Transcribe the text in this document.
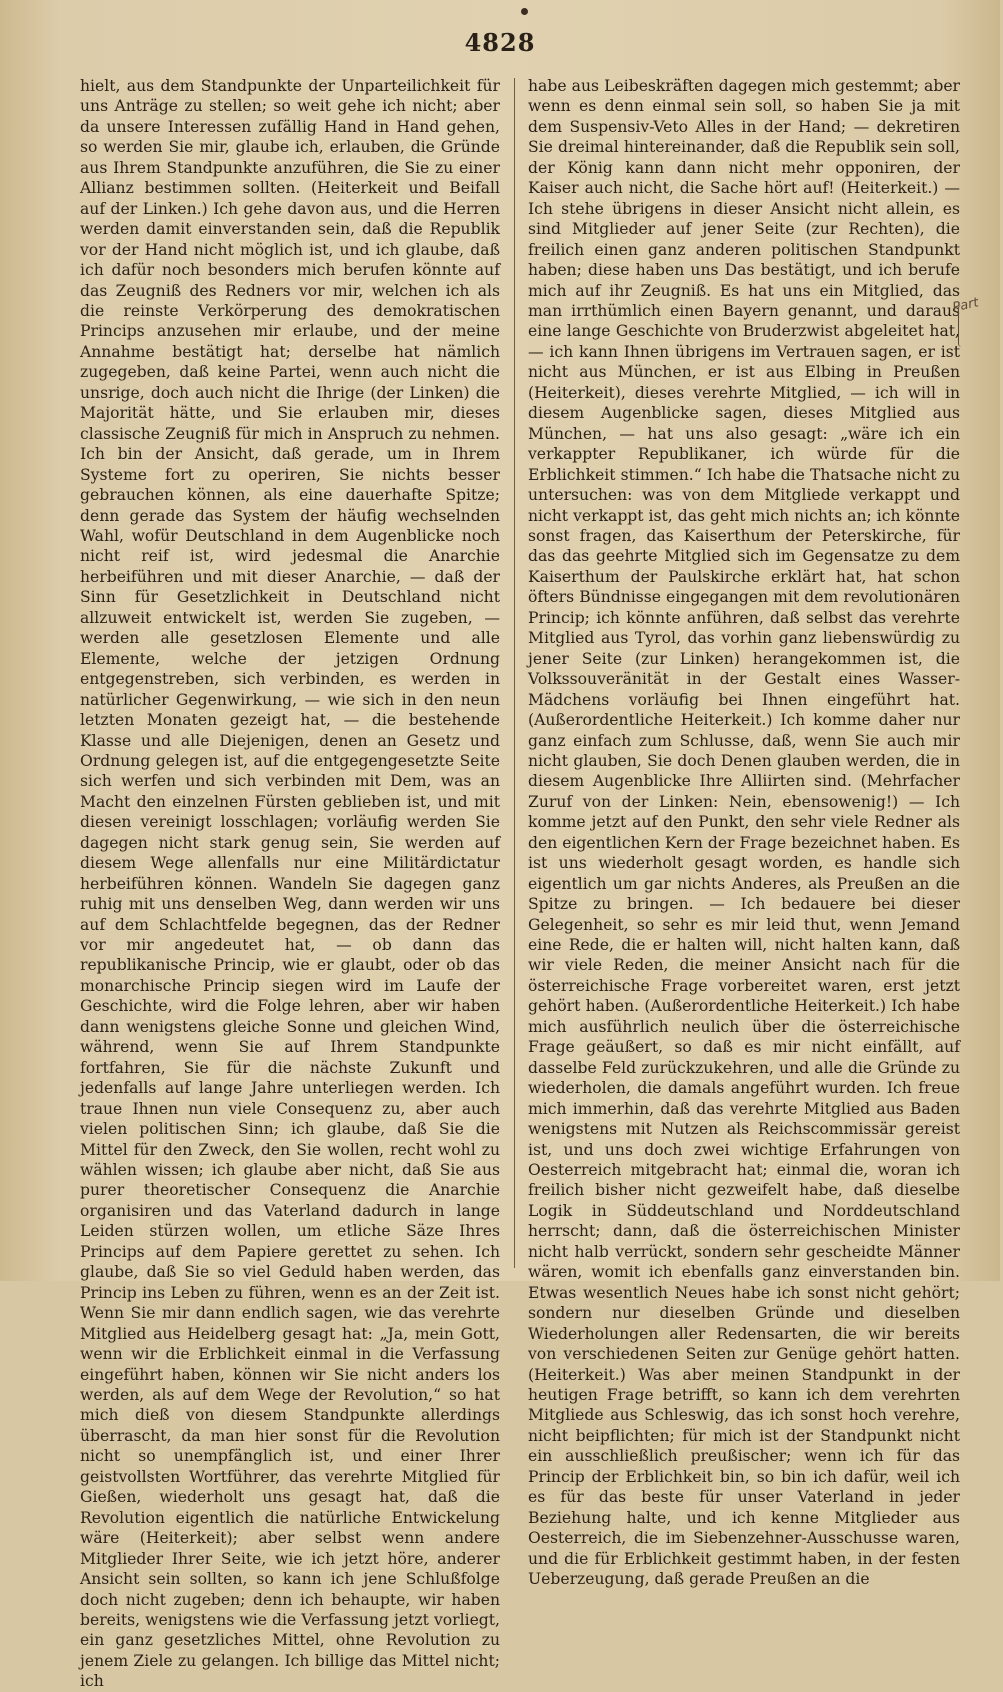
4828

hielt, aus dem Standpunkte der Unparteilichkeit für uns Anträge zu stellen; so weit gehe ich nicht; aber da unsere Interessen zufällig Hand in Hand gehen, so werden Sie mir, glaube ich, erlauben, die Gründe aus Ihrem Standpunkte anzuführen, die Sie zu einer Allianz bestimmen sollten. (Heiterkeit und Beifall auf der Linken.) Ich gehe davon aus, und die Herren werden damit einverstanden sein, daß die Republik vor der Hand nicht möglich ist, und ich glaube, daß ich dafür noch besonders mich berufen könnte auf das Zeugniß des Redners vor mir, welchen ich als die reinste Verkörperung des demokratischen Princips anzusehen mir erlaube, und der meine Annahme bestätigt hat; derselbe hat nämlich zugegeben, daß keine Partei, wenn auch nicht die unsrige, doch auch nicht die Ihrige (der Linken) die Majorität hätte, und Sie erlauben mir, dieses classische Zeugniß für mich in Anspruch zu nehmen. Ich bin der Ansicht, daß gerade, um in Ihrem Systeme fort zu operiren, Sie nichts besser gebrauchen können, als eine dauerhafte Spitze; denn gerade das System der häufig wechselnden Wahl, wofür Deutschland in dem Augenblicke noch nicht reif ist, wird jedesmal die Anarchie herbeiführen und mit dieser Anarchie, — daß der Sinn für Gesetzlichkeit in Deutschland nicht allzuweit entwickelt ist, werden Sie zugeben, — werden alle gesetzlosen Elemente und alle Elemente, welche der jetzigen Ordnung entgegenstreben, sich verbinden, es werden in natürlicher Gegenwirkung, — wie sich in den neun letzten Monaten gezeigt hat, — die bestehende Klasse und alle Diejenigen, denen an Gesetz und Ordnung gelegen ist, auf die entgegengesetzte Seite sich werfen und sich verbinden mit Dem, was an Macht den einzelnen Fürsten geblieben ist, und mit diesen vereinigt losschlagen; vorläufig werden Sie dagegen nicht stark genug sein, Sie werden auf diesem Wege allenfalls nur eine Militärdictatur herbeiführen können. Wandeln Sie dagegen ganz ruhig mit uns denselben Weg, dann werden wir uns auf dem Schlachtfelde begegnen, das der Redner vor mir angedeutet hat, — ob dann das republikanische Princip, wie er glaubt, oder ob das monarchische Princip siegen wird im Laufe der Geschichte, wird die Folge lehren, aber wir haben dann wenigstens gleiche Sonne und gleichen Wind, während, wenn Sie auf Ihrem Standpunkte fortfahren, Sie für die nächste Zukunft und jedenfalls auf lange Jahre unterliegen werden. Ich traue Ihnen nun viele Consequenz zu, aber auch vielen politischen Sinn; ich glaube, daß Sie die Mittel für den Zweck, den Sie wollen, recht wohl zu wählen wissen; ich glaube aber nicht, daß Sie aus purer theoretischer Consequenz die Anarchie organisiren und das Vaterland dadurch in lange Leiden stürzen wollen, um etliche Säze Ihres Princips auf dem Papiere gerettet zu sehen. Ich glaube, daß Sie so viel Geduld haben werden, das Princip ins Leben zu führen, wenn es an der Zeit ist. Wenn Sie mir dann endlich sagen, wie das verehrte Mitglied aus Heidelberg gesagt hat: „Ja, mein Gott, wenn wir die Erblichkeit einmal in die Verfassung eingeführt haben, können wir Sie nicht anders los werden, als auf dem Wege der Revolution,“ so hat mich dieß von diesem Standpunkte allerdings überrascht, da man hier sonst für die Revolution nicht so unempfänglich ist, und einer Ihrer geistvollsten Wortführer, das verehrte Mitglied für Gießen, wiederholt uns gesagt hat, daß die Revolution eigentlich die natürliche Entwickelung wäre (Heiterkeit); aber selbst wenn andere Mitglieder Ihrer Seite, wie ich jetzt höre, anderer Ansicht sein sollten, so kann ich jene Schlußfolge doch nicht zugeben; denn ich behaupte, wir haben bereits, wenigstens wie die Verfassung jetzt vorliegt, ein ganz gesetzliches Mittel, ohne Revolution zu jenem Ziele zu gelangen. Ich billige das Mittel nicht; ich

habe aus Leibeskräften dagegen mich gestemmt; aber wenn es denn einmal sein soll, so haben Sie ja mit dem Suspensiv-Veto Alles in der Hand; — dekretiren Sie dreimal hintereinander, daß die Republik sein soll, der König kann dann nicht mehr opponiren, der Kaiser auch nicht, die Sache hört auf! (Heiterkeit.) — Ich stehe übrigens in dieser Ansicht nicht allein, es sind Mitglieder auf jener Seite (zur Rechten), die freilich einen ganz anderen politischen Standpunkt haben; diese haben uns Das bestätigt, und ich berufe mich auf ihr Zeugniß. Es hat uns ein Mitglied, das man irrthümlich einen Bayern genannt, und daraus eine lange Geschichte von Bruderzwist abgeleitet hat, — ich kann Ihnen übrigens im Vertrauen sagen, er ist nicht aus München, er ist aus Elbing in Preußen (Heiterkeit), dieses verehrte Mitglied, — ich will in diesem Augenblicke sagen, dieses Mitglied aus München, — hat uns also gesagt: „wäre ich ein verkappter Republikaner, ich würde für die Erblichkeit stimmen.“ Ich habe die Thatsache nicht zu untersuchen: was von dem Mitgliede verkappt und nicht verkappt ist, das geht mich nichts an; ich könnte sonst fragen, das Kaiserthum der Peterskirche, für das das geehrte Mitglied sich im Gegensatze zu dem Kaiserthum der Paulskirche erklärt hat, hat schon öfters Bündnisse eingegangen mit dem revolutionären Princip; ich könnte anführen, daß selbst das verehrte Mitglied aus Tyrol, das vorhin ganz liebenswürdig zu jener Seite (zur Linken) herangekommen ist, die Volkssouveränität in der Gestalt eines Wasser-Mädchens vorläufig bei Ihnen eingeführt hat. (Außerordentliche Heiterkeit.) Ich komme daher nur ganz einfach zum Schlusse, daß, wenn Sie auch mir nicht glauben, Sie doch Denen glauben werden, die in diesem Augenblicke Ihre Alliirten sind. (Mehrfacher Zuruf von der Linken: Nein, ebensowenig!) — Ich komme jetzt auf den Punkt, den sehr viele Redner als den eigentlichen Kern der Frage bezeichnet haben. Es ist uns wiederholt gesagt worden, es handle sich eigentlich um gar nichts Anderes, als Preußen an die Spitze zu bringen. — Ich bedauere bei dieser Gelegenheit, so sehr es mir leid thut, wenn Jemand eine Rede, die er halten will, nicht halten kann, daß wir viele Reden, die meiner Ansicht nach für die österreichische Frage vorbereitet waren, erst jetzt gehört haben. (Außerordentliche Heiterkeit.) Ich habe mich ausführlich neulich über die österreichische Frage geäußert, so daß es mir nicht einfällt, auf dasselbe Feld zurückzukehren, und alle die Gründe zu wiederholen, die damals angeführt wurden. Ich freue mich immerhin, daß das verehrte Mitglied aus Baden wenigstens mit Nutzen als Reichscommissär gereist ist, und uns doch zwei wichtige Erfahrungen von Oesterreich mitgebracht hat; einmal die, woran ich freilich bisher nicht gezweifelt habe, daß dieselbe Logik in Süddeutschland und Norddeutschland herrscht; dann, daß die österreichischen Minister nicht halb verrückt, sondern sehr gescheidte Männer wären, womit ich ebenfalls ganz einverstanden bin. Etwas wesentlich Neues habe ich sonst nicht gehört; sondern nur dieselben Gründe und dieselben Wiederholungen aller Redensarten, die wir bereits von verschiedenen Seiten zur Genüge gehört hatten. (Heiterkeit.) Was aber meinen Standpunkt in der heutigen Frage betrifft, so kann ich dem verehrten Mitgliede aus Schleswig, das ich sonst hoch verehre, nicht beipflichten; für mich ist der Standpunkt nicht ein ausschließlich preußischer; wenn ich für das Princip der Erblichkeit bin, so bin ich dafür, weil ich es für das beste für unser Vaterland in jeder Beziehung halte, und ich kenne Mitglieder aus Oesterreich, die im Siebenzehner-Ausschusse waren, und die für Erblichkeit gestimmt haben, in der festen Ueberzeugung, daß gerade Preußen an die

Part
